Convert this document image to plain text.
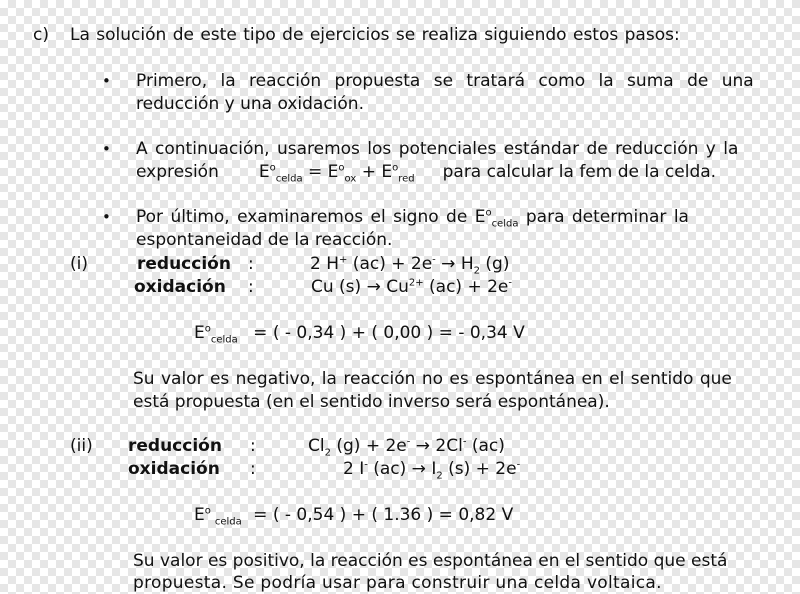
c) La solución de este tipo de ejercicios se realiza siguiendo estos pasos:
• Primero, la reacción propuesta se tratará como la suma de una
reducción y una oxidación.
• A continuación, usaremos los potenciales estándar de reducción y la
expresión $E^o_{celda} = E^o_{ox} + E^o_{red}$ para calcular la fem de la celda.
• Por último, examinaremos el signo de $E^o_{celda}$ para determinar la
espontaneidad de la reacción.
(i)	reducción :	2 H+ $(ac) + 2e^- \to H_2$ (g)
oxidación :	Cu $(s) \to Cu^{2+}$ (ac) + 2e-
$E^o_{celda}$ = ( - 0,34 ) + ( 0,00 ) = - 0,34 V
Su valor es negativo, la reacción no es espontánea en el sentido que
está propuesta (en el sentido inverso será espontánea).
(ii) reducción :	$Cl_2$ (g) + 2e- → 2Cl- (ac)
oxidación :	2 I- $(ac) \to I_2$ (s) + 2e-
$E^o_{celda}$ = ( - 0,54 ) + ( 1.36 ) = 0,82 V
Su valor es positivo, la reacción es espontánea en el sentido que está
propuesta. Se podría usar para construir una celda voltaica.
